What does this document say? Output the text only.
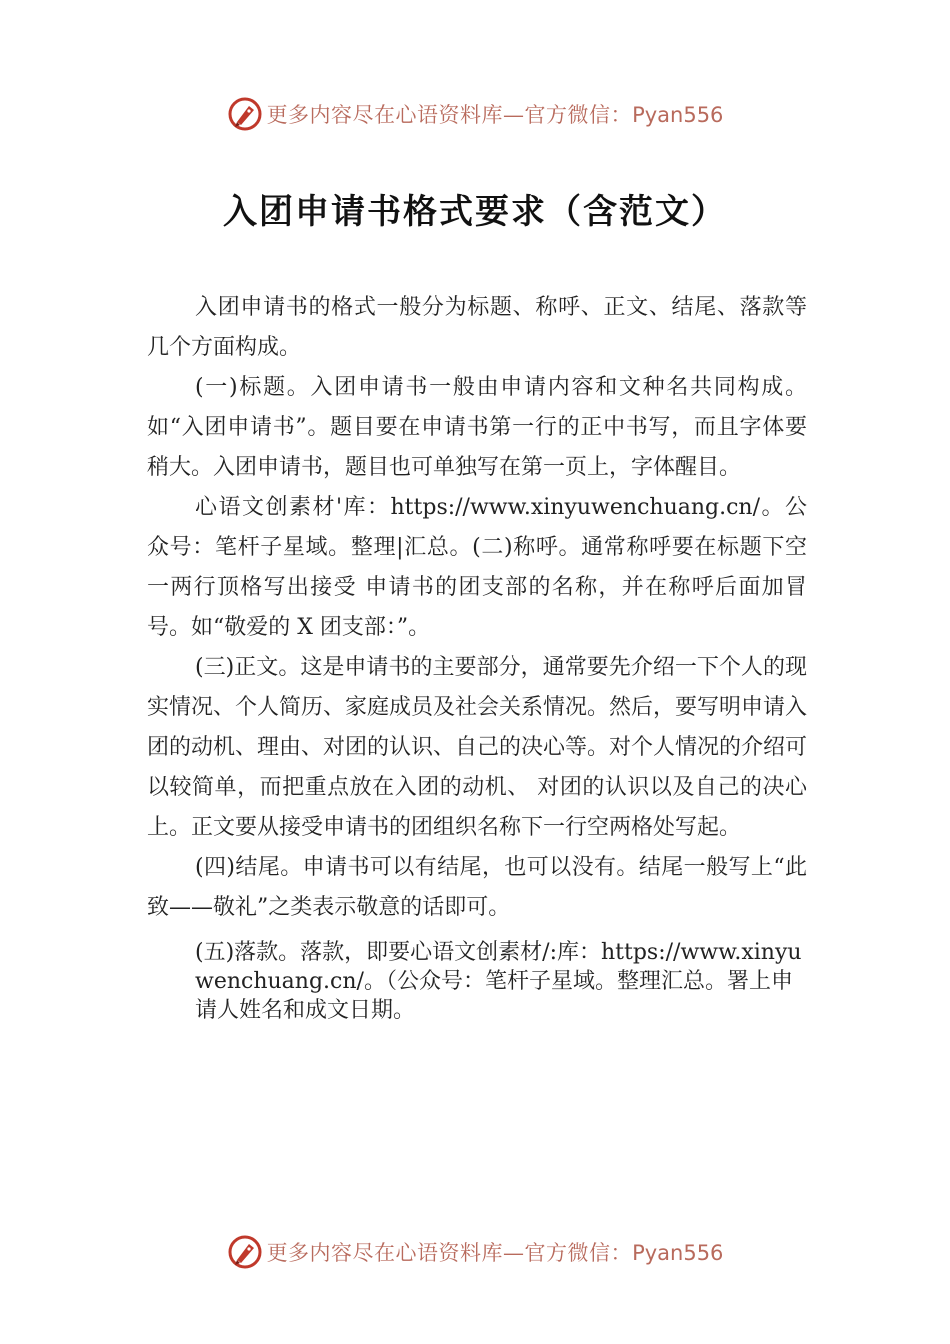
更多内容尽在心语资料库—官方微信：Pyan556
入团申请书格式要求（含范文）

入团申请书的格式一般分为标题、称呼、正文、结尾、落款等几个方面构成。

(一)标题。入团申请书一般由申请内容和文种名共同构成。如“入团申请书”。题目要在申请书第一行的正中书写，而且字体要稍大。入团申请书，题目也可单独写在第一页上，字体醒目。

心语文创素材'库：https://www.xinyuwenchuang.cn/。公众号：笔杆子星域。整理|汇总。(二)称呼。通常称呼要在标题下空一两行顶格写出接受 申请书的团支部的名称，并在称呼后面加冒号。如“敬爱的 X 团支部：”。

(三)正文。这是申请书的主要部分，通常要先介绍一下个人的现实情况、个人简历、家庭成员及社会关系情况。然后，要写明申请入团的动机、理由、对团的认识、自己的决心等。对个人情况的介绍可以较简单，而把重点放在入团的动机、 对团的认识以及自己的决心上。正文要从接受申请书的团组织名称下一行空两格处写起。

(四)结尾。申请书可以有结尾，也可以没有。结尾一般写上“此致——敬礼”之类表示敬意的话即可。

(五)落款。落款，即要心语文创素材/:库：https://www.xinyuwenchuang.cn/。（公众号：笔杆子星域。整理汇总。署上申请人姓名和成文日期。

更多内容尽在心语资料库—官方微信：Pyan556
